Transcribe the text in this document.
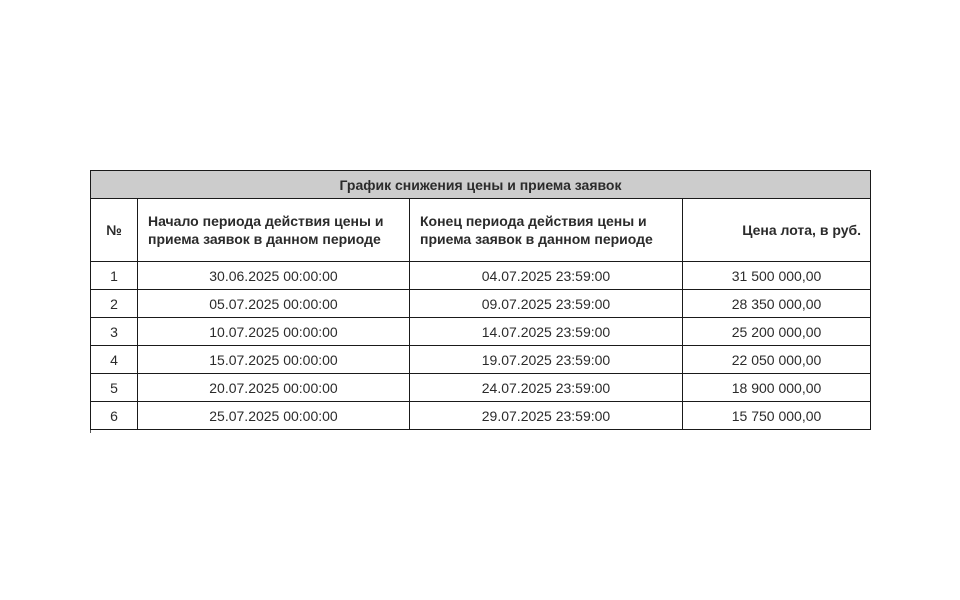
График снижения цены и приема заявок			
№	Начало периода действия цены и приема заявок в данном периоде	Конец периода действия цены и приема заявок в данном периоде	Цена лота, в руб.
1	30.06.2025 00:00:00	04.07.2025 23:59:00	31 500 000,00
2	05.07.2025 00:00:00	09.07.2025 23:59:00	28 350 000,00
3	10.07.2025 00:00:00	14.07.2025 23:59:00	25 200 000,00
4	15.07.2025 00:00:00	19.07.2025 23:59:00	22 050 000,00
5	20.07.2025 00:00:00	24.07.2025 23:59:00	18 900 000,00
6	25.07.2025 00:00:00	29.07.2025 23:59:00	15 750 000,00
